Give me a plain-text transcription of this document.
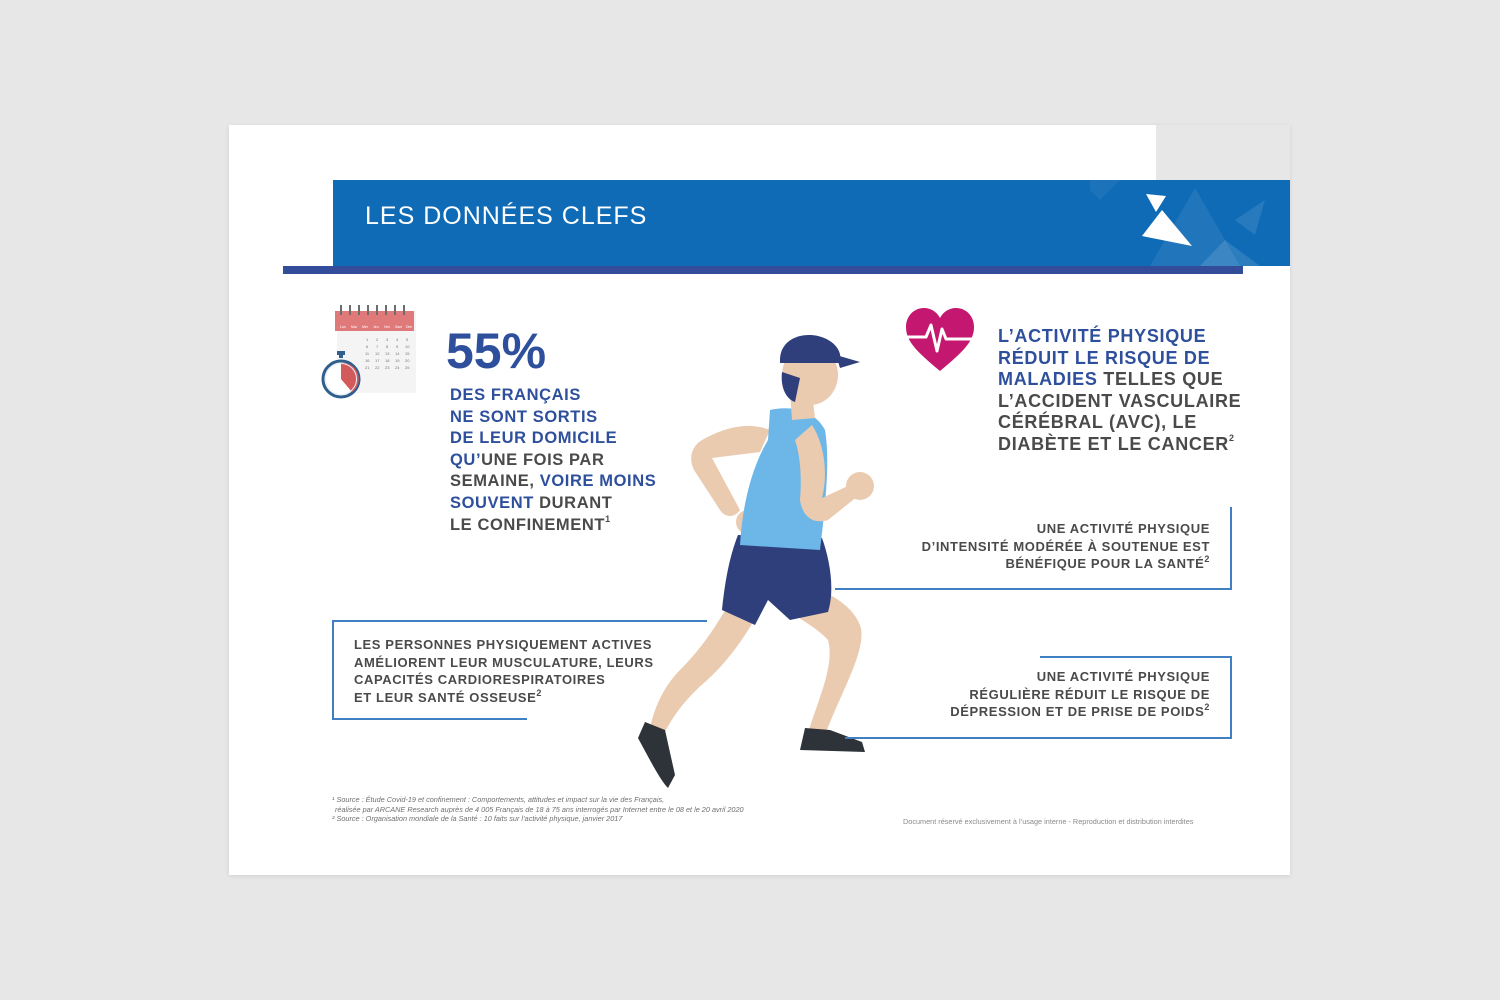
LES DONNÉES CLEFS
Lun Mar Mer Jeu Ven Sam Dim
1 2 3 4 5
6 7 8 9 10
11 12 13 14 15
16 17 18 19 20
21 22 23 24 25 55%
DES FRANÇAIS
NE SONT SORTIS
DE LEUR DOMICILE
QU’UNE FOIS PAR
SEMAINE, VOIRE MOINS
SOUVENT DURANT
LE CONFINEMENT$^1$
L’ACTIVITÉ PHYSIQUE
RÉDUIT LE RISQUE DE
MALADIES TELLES QUE
L’ACCIDENT VASCULAIRE
CÉRÉBRAL (AVC), LE
DIABÈTE ET LE CANCER$^2$
UNE ACTIVITÉ PHYSIQUE
D’INTENSITÉ MODÉRÉE À SOUTENUE EST
BÉNÉFIQUE POUR LA SANTÉ$^2$
LES PERSONNES PHYSIQUEMENT ACTIVES
AMÉLIORENT LEUR MUSCULATURE, LEURS
CAPACITÉS CARDIORESPIRATOIRES
ET LEUR SANTÉ OSSEUSE$^2$
UNE ACTIVITÉ PHYSIQUE
RÉGULIÈRE RÉDUIT LE RISQUE DE
DÉPRESSION ET DE PRISE DE POIDS$^2$
¹ Source : Étude Covid-19 et confinement : Comportements, attitudes et impact sur la vie des Français,
réalisée par ARCANE Research auprès de 4 005 Français de 18 à 75 ans interrogés par Internet entre le 08 et le 20 avril 2020
² Source : Organisation mondiale de la Santé : 10 faits sur l’activité physique, janvier 2017	Document réservé exclusivement à l’usage interne - Reproduction et distribution interdites
